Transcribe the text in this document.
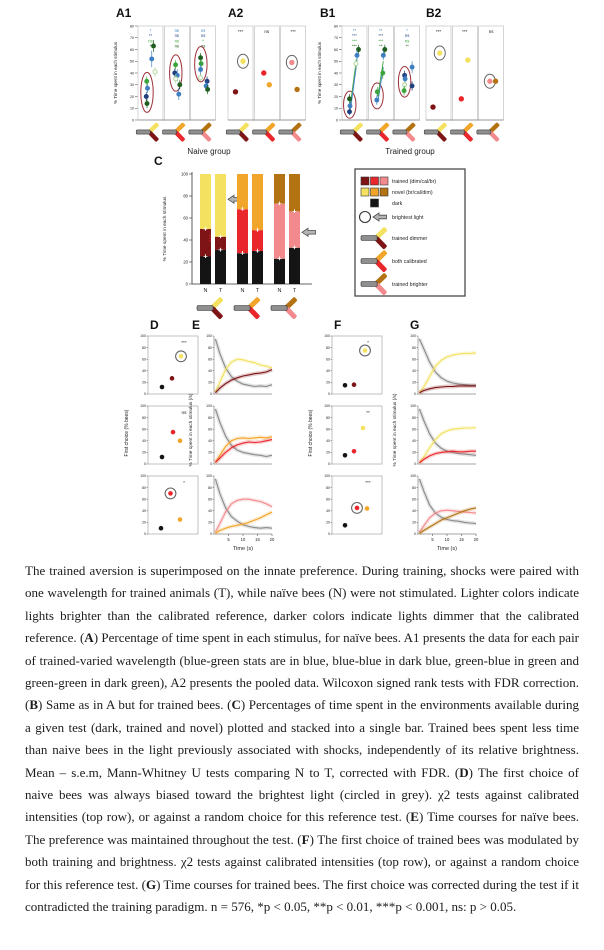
A1	A2	B1	B2
% Time spent in each stimulus
0
10
20
30
40
50
60
70
80
*
**
ns
*
ns
ns
ns
ns
ns
ns
*
ns
***	ns	***
% Time spent in each stimulus
0
10
20
30
40
50
60
70
80
**
***
***
***
**
***
***
**
*
ns
ns
**
***	***	ns
Naive group	Trained group
C
% Time spent in each stimulus
0
20
40
60
80
100
N T
***
N T
***
***
N T
***
trained (dim/cal/br)
novel (br/cal/dim)
dark
brightest light
trained dimmer
both calibrated
trained brighter
D	E	F	G
First choice (% bees)
0
20
40
60
80
100
***
0
20
40
60
80
100
ns
0
20
40
60
80
100
*
% Time spent in each stimulus (/s)	0
20
40
60
80
100
0
20
40
60
80
100
0
20
40
60
80
100
5	10 15 20
Time (s)
First choice (% bees)
0
20
40
60
80
100
*
0
20
40
60
80
100
**
0
20
40
60
80
100
***
% Time spent in each stimulus (/s)	0
20
40
60
80
100
0
20
40
60
80
100
0
20
40
60
80
100
5	10 15 20
Time (s)

The trained aversion is superimposed on the innate preference. During training, shocks were paired with one wavelength for trained animals (T), while naïve bees (N) were not stimulated. Lighter colors indicate lights brighter than the calibrated reference, darker colors indicate lights dimmer that the calibrated reference. (A) Percentage of time spent in each stimulus, for naïve bees. A1 presents the data for each pair of trained-varied wavelength (blue-green stats are in blue, blue-blue in dark blue, green-blue in green and green-green in dark green), A2 presents the pooled data. Wilcoxon signed rank tests with FDR correction. (B) Same as in A but for trained bees. (C) Percentages of time spent in the environments available during a given test (dark, trained and novel) plotted and stacked into a single bar. Trained bees spent less time than naive bees in the light previously associated with shocks, independently of its relative brightness. Mean – s.e.m, Mann-Whitney U tests comparing N to T, corrected with FDR. (D) The first choice of naive bees was always biased toward the brightest light (circled in grey). χ2 tests against calibrated intensities (top row), or against a random choice for this reference test. (E) Time courses for naïve bees. The preference was maintained throughout the test. (F) The first choice of trained bees was modulated by both training and brightness. χ2 tests against calibrated intensities (top row), or against a random choice for this reference test. (G) Time courses for trained bees. The first choice was corrected during the test if it contradicted the training paradigm. n = 576, *p < 0.05, **p < 0.01, ***p < 0.001, ns: p > 0.05.
